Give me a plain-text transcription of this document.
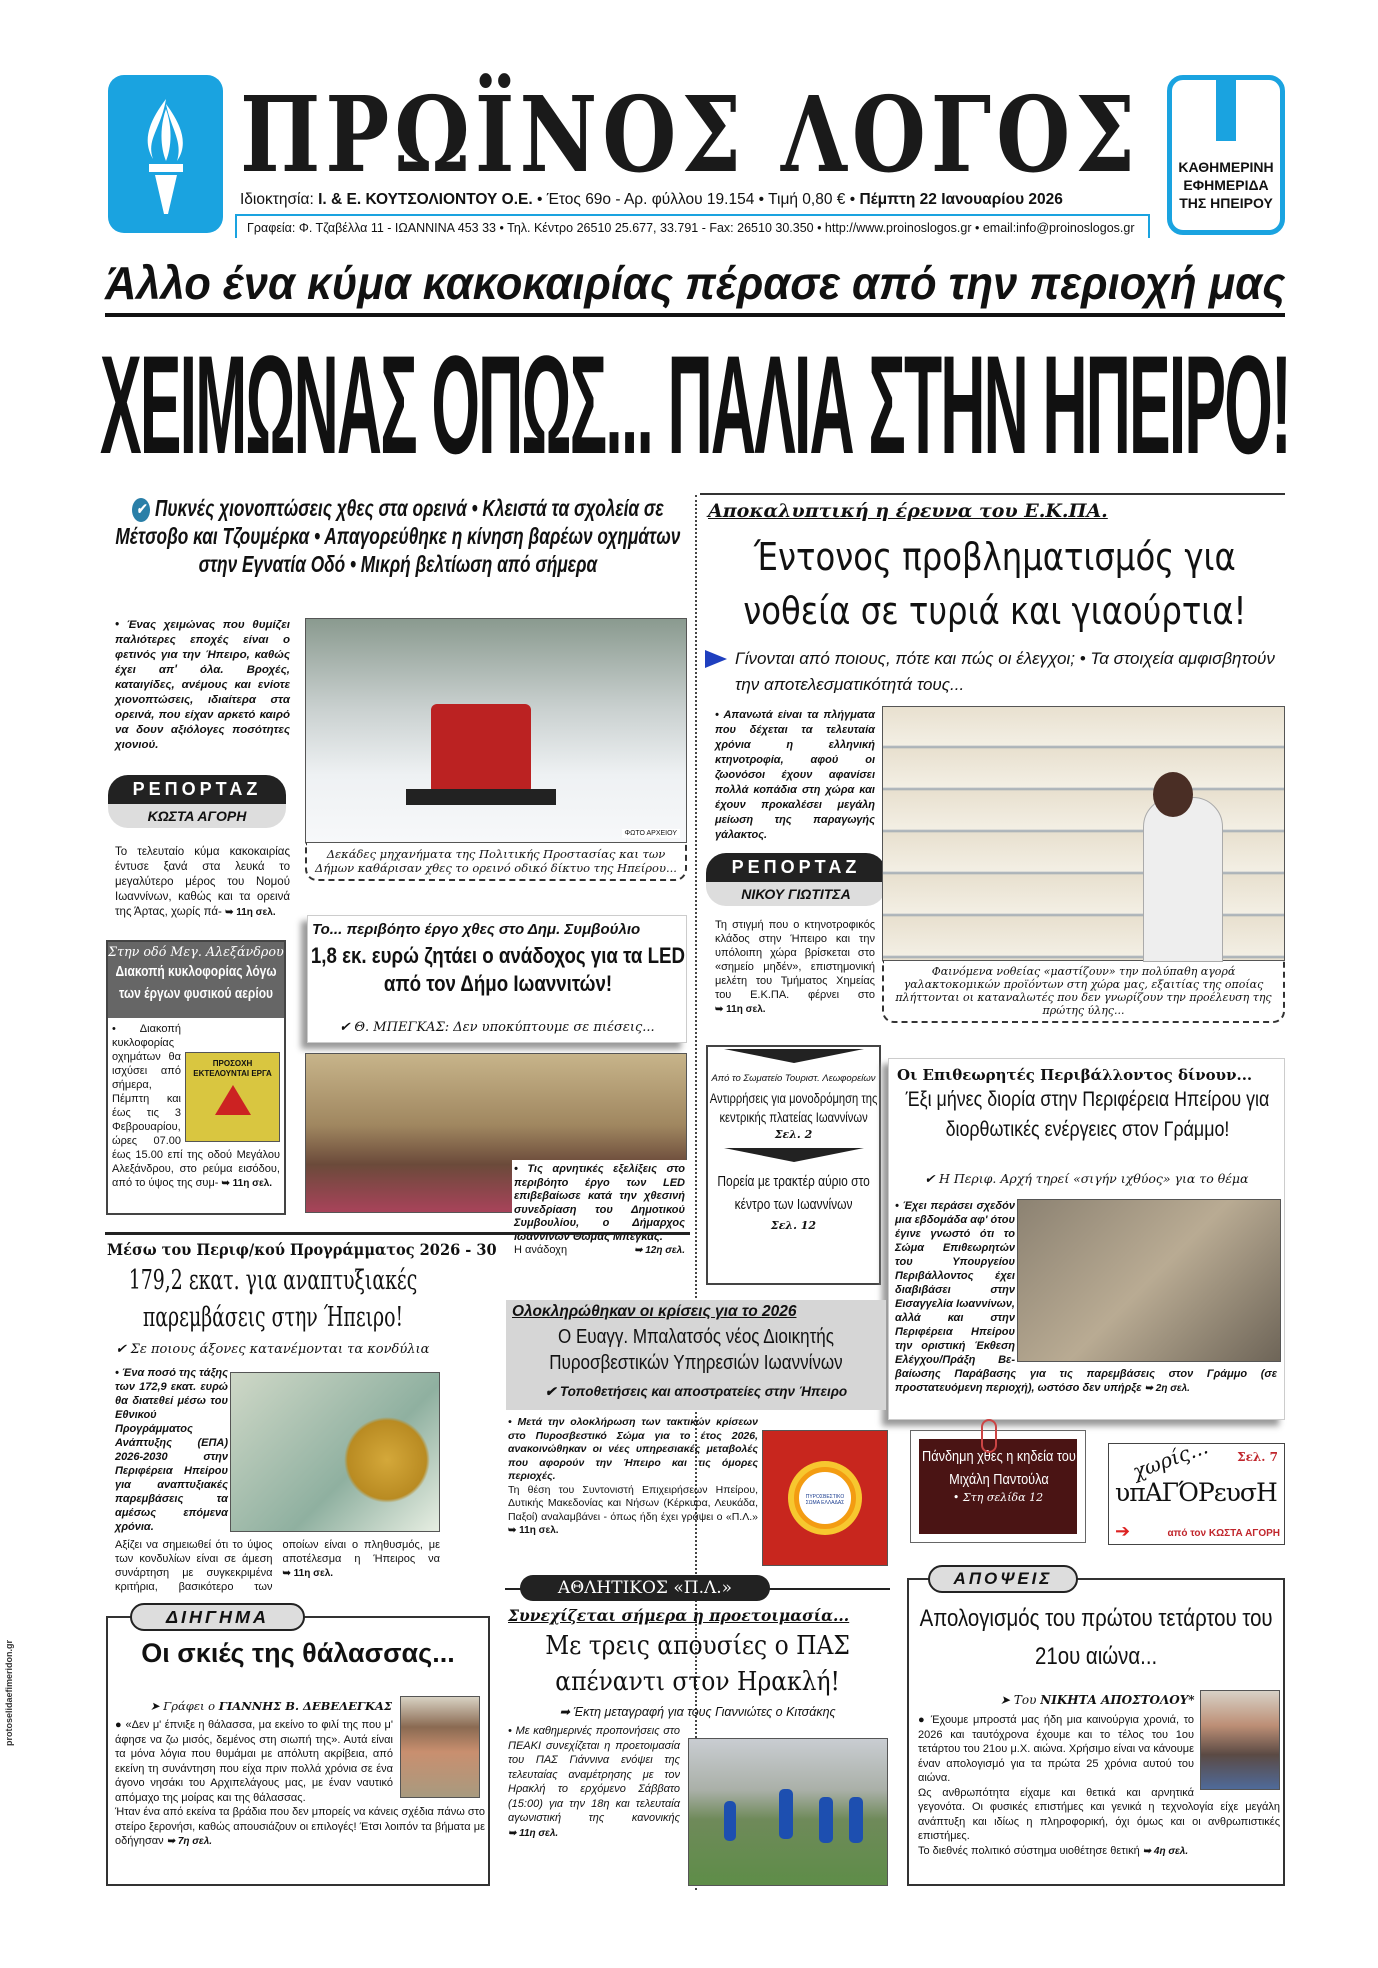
ΠΡΩΪΝΟΣ ΛΟΓΟΣ
Ιδιοκτησία: Ι. & Ε. ΚΟΥΤΣΟΛΙΟΝΤΟΥ Ο.Ε. • Έτος 69ο - Αρ. φύλλου 19.154 • Τιμή 0,80 € • Πέμπτη 22 Ιανουαρίου 2026
Γραφεία: Φ. Τζαβέλλα 11 - ΙΩΑΝΝΙΝΑ 453 33 • Τηλ. Κέντρο 26510 25.677, 33.791 - Fax: 26510 30.350 • http://www.proinoslogos.gr • email:info@proinoslogos.gr
ΚΑΘΗΜΕΡΙΝΗ
ΕΦΗΜΕΡΙΔΑ
ΤΗΣ ΗΠΕΙΡΟΥ
Άλλο ένα κύμα κακοκαιρίας πέρασε από την περιοχή μας
ΧΕΙΜΩΝΑΣ ΟΠΩΣ... ΠΑΛΙΑ ΣΤΗΝ ΗΠΕΙΡΟ!
✔ Πυκνές χιονοπτώσεις χθες στα ορεινά • Κλειστά τα σχολεία σε Μέτσοβο και Τζουμέρκα • Απαγορεύθηκε η κίνηση βαρέων οχημάτων στην Εγνατία Οδό • Μικρή βελτίωση από σήμερα
• Ένας χειμώνας που θυμίζει παλιότερες εποχές είναι ο φετινός για την Ήπειρο, καθώς έχει απ' όλα. Βροχές, καταιγίδες, ανέμους και ενίοτε χιονοπτώσεις, ιδιαίτερα στα ορεινά, που είχαν αρκετό καιρό να δουν αξιόλογες ποσότητες χιονιού.
ΡΕΠΟΡΤΑΖ
ΚΩΣΤΑ ΑΓΟΡΗ
Το τελευταίο κύμα κακοκαιρίας έντυσε ξανά στα λευκά το μεγαλύτερο μέρος του Νομού Ιωαννίνων, καθώς και τα ορεινά της Άρτας, χωρίς πά- ➥ 11η σελ.
ΦΩΤΟ ΑΡΧΕΙΟΥ
Δεκάδες μηχανήματα της Πολιτικής Προστασίας και των Δήμων καθάρισαν χθες το ορεινό οδικό δίκτυο της Ηπείρου...
Στην οδό Μεγ. Αλεξάνδρου
Διακοπή κυκλοφορίας λόγω των έργων φυσικού αερίου
ΠΡΟΣΟΧΗ ΕΚΤΕΛΟΥΝΤΑΙ ΕΡΓΑ
• Διακοπή κυκλοφορίας οχημάτων θα ισχύσει από σήμερα, Πέμπτη και έως τις 3 Φεβρουαρίου, ώρες 07.00 έως 15.00 επί της οδού Μεγάλου Αλεξάνδρου, στο ρεύμα εισόδου, από το ύψος της συμ- ➥ 11η σελ.
Το... περιβόητο έργο χθες στο Δημ. Συμβούλιο
1,8 εκ. ευρώ ζητάει ο ανάδοχος για τα LED από τον Δήμο Ιωαννιτών!
✔ Θ. ΜΠΕΓΚΑΣ: Δεν υποκύπτουμε σε πιέσεις...
• Τις αρνητικές εξελίξεις στο περιβόητο έργο των LED επιβεβαίωσε κατά την χθεσινή συνεδρίαση του Δημοτικού Συμβουλίου, ο Δήμαρχος Ιωαννίνων Θωμάς Μπέγκας.
Η ανάδοχη	➥ 12η σελ.
Αποκαλυπτική η έρευνα του Ε.Κ.ΠΑ.
Έντονος προβληματισμός για νοθεία σε τυριά και γιαούρτια!
Γίνονται από ποιους, πότε και πώς οι έλεγχοι; • Τα στοιχεία αμφισβητούν την αποτελεσματικότητά τους...
• Απανωτά είναι τα πλήγματα που δέχεται τα τελευταία χρόνια η ελληνική κτηνοτροφία, αφού οι ζωονόσοι έχουν αφανίσει πολλά κοπάδια στη χώρα και έχουν προκαλέσει μεγάλη μείωση της παραγωγής γάλακτος.
ΡΕΠΟΡΤΑΖ
ΝΙΚΟΥ ΓΙΩΤΙΤΣΑ
Τη στιγμή που ο κτηνοτροφικός κλάδος στην Ήπειρο και την υπόλοιπη χώρα βρίσκεται στο «σημείο μηδέν», επιστημονική μελέτη του Τμήματος Χημείας του Ε.Κ.ΠΑ. φέρνει στο ➥ 11η σελ.
Φαινόμενα νοθείας «μαστίζουν» την πολύπαθη αγορά γαλακτοκομικών προϊόντων στη χώρα μας, εξαιτίας της οποίας πλήττονται οι καταναλωτές που δεν γνωρίζουν την προέλευση της πρώτης ύλης...
Από το Σωματείο Τουριστ. Λεωφορείων
Αντιρρήσεις για μονοδρόμηση της κεντρικής πλατείας Ιωαννίνων
Σελ. 2
Πορεία με τρακτέρ αύριο στο κέντρο των Ιωαννίνων
Σελ. 12
Οι Επιθεωρητές Περιβάλλοντος δίνουν...
Έξι μήνες διορία στην Περιφέρεια Ηπείρου για διορθωτικές ενέργειες στον Γράμμο!
✔ Η Περιφ. Αρχή τηρεί «σιγήν ιχθύος» για το θέμα
• Έχει περάσει σχεδόν μια εβδομάδα αφ' ότου έγινε γνωστό ότι το Σώμα Επιθεωρητών του Υπουργείου Περιβάλλοντος έχει διαβιβάσει στην Εισαγγελία Ιωαννίνων, αλλά και στην Περιφέρεια Ηπείρου την οριστική Έκθεση Ελέγχου/Πράξη Βε- βαίωσης Παράβασης για τις παρεμβάσεις στον Γράμμο (σε προστατευόμενη περιοχή), ωστόσο δεν υπήρξε ➥ 2η σελ.
Μέσω του Περιφ/κού Προγράμματος 2026 - 30
179,2 εκατ. για αναπτυξιακές παρεμβάσεις στην Ήπειρο!
✔ Σε ποιους άξονες κατανέμονται τα κονδύλια
• Ένα ποσό της τάξης των 172,9 εκατ. ευρώ θα διατεθεί μέσω του Εθνικού Προγράμματος Ανάπτυξης (ΕΠΑ) 2026-2030 στην Περιφέρεια Ηπείρου για αναπτυξιακές παρεμβάσεις τα αμέσως επόμενα χρόνια.
Αξίζει να σημειωθεί ότι το ύψος των κονδυλίων είναι σε άμεση συνάρτηση με συγκεκριμένα κριτήρια, βασικότερο των οποίων είναι ο πληθυσμός, με αποτέλεσμα η Ήπειρος να ➥ 11η σελ.
Ολοκληρώθηκαν οι κρίσεις για το 2026
Ο Ευαγγ. Μπαλατσός νέος Διοικητής Πυροσβεστικών Υπηρεσιών Ιωαννίνων
✔ Τοποθετήσεις και αποστρατείες στην Ήπειρο
• Μετά την ολοκλήρωση των τακτικών κρίσεων στο Πυροσβεστικό Σώμα για το έτος 2026, ανακοινώθηκαν οι νέες υπηρεσιακές μεταβολές που αφορούν την Ήπειρο και τις όμορες περιοχές.
Τη θέση του Συντονιστή Επιχειρήσεων Ηπείρου, Δυτικής Μακεδονίας και Νήσων (Κέρκυρα, Λευκάδα, Παξοί) αναλαμβάνει - όπως ήδη έχει γράψει ο «Π.Λ.» ➥ 11η σελ.
ΠΥΡΟΣΒΕΣΤΙΚΟ ΣΩΜΑ ΕΛΛΑΔΑΣ
Πάνδημη χθες η κηδεία του Μιχάλη Παντούλα
• Στη σελίδα 12
χωρίς...
υπΑΓΌΡευσΗ
Σελ. 7
από τον ΚΩΣΤΑ ΑΓΟΡΗ
➔
ΑΘΛΗΤΙΚΟΣ «Π.Λ.»
Συνεχίζεται σήμερα η προετοιμασία...
Με τρεις απουσίες ο ΠΑΣ απέναντι στον Ηρακλή!
➡ Έκτη μεταγραφή για τους Γιαννιώτες ο Κιτσάκης
• Με καθημερινές προπονήσεις στο ΠΕΑΚΙ συνεχίζεται η προετοιμασία του ΠΑΣ Γιάννινα ενόψει της τελευταίας αναμέτρησης με τον Ηρακλή το ερχόμενο Σάββατο (15:00) για την 18η και τελευταία αγωνιστική της κανονικής ➥ 11η σελ.
ΔΙΗΓΗΜΑ
Οι σκιές της θάλασσας...
➤ Γράφει ο ΓΙΑΝΝΗΣ Β. ΔΕΒΕΛΕΓΚΑΣ
● «Δεν μ' έπνιξε η θάλασσα, μα εκείνο το φιλί της που μ' άφησε να ζω μισός, δεμένος στη σιωπή της». Αυτά είναι τα μόνα λόγια που θυμάμαι με απόλυτη ακρίβεια, από εκείνη τη συνάντηση που είχα πριν πολλά χρόνια σε ένα άγονο νησάκι του Αρχιπελάγους μας, με έναν ναυτικό απόμαχο της μοίρας και της θάλασσας.
Ήταν ένα από εκείνα τα βράδια που δεν μπορείς να κάνεις σχέδια πάνω στο στείρο ξερονήσι, καθώς απουσιάζουν οι επιλογές! Έτσι λοιπόν τα βήματα με οδήγησαν ➥ 7η σελ.
protoselidaefimeridon.gr
ΑΠΟΨΕΙΣ
Απολογισμός του πρώτου τετάρτου του 21ου αιώνα...
➤ Του ΝΙΚΗΤΑ ΑΠΟΣΤΟΛΟΥ*
● Έχουμε μπροστά μας ήδη μια καινούργια χρονιά, το 2026 και ταυτόχρονα έχουμε και το τέλος του 1ου τετάρτου του 21ου μ.Χ. αιώνα. Χρήσιμο είναι να κάνουμε έναν απολογισμό για τα πρώτα 25 χρόνια αυτού του αιώνα.
Ως ανθρωπότητα είχαμε και θετικά και αρνητικά γεγονότα. Οι φυσικές επιστήμες και γενικά η τεχνολογία είχε μεγάλη ανάπτυξη και ιδίως η πληροφορική, όχι όμως και οι ανθρωπιστικές επιστήμες.
Το διεθνές πολιτικό σύστημα υιοθέτησε θετική ➥ 4η σελ.
